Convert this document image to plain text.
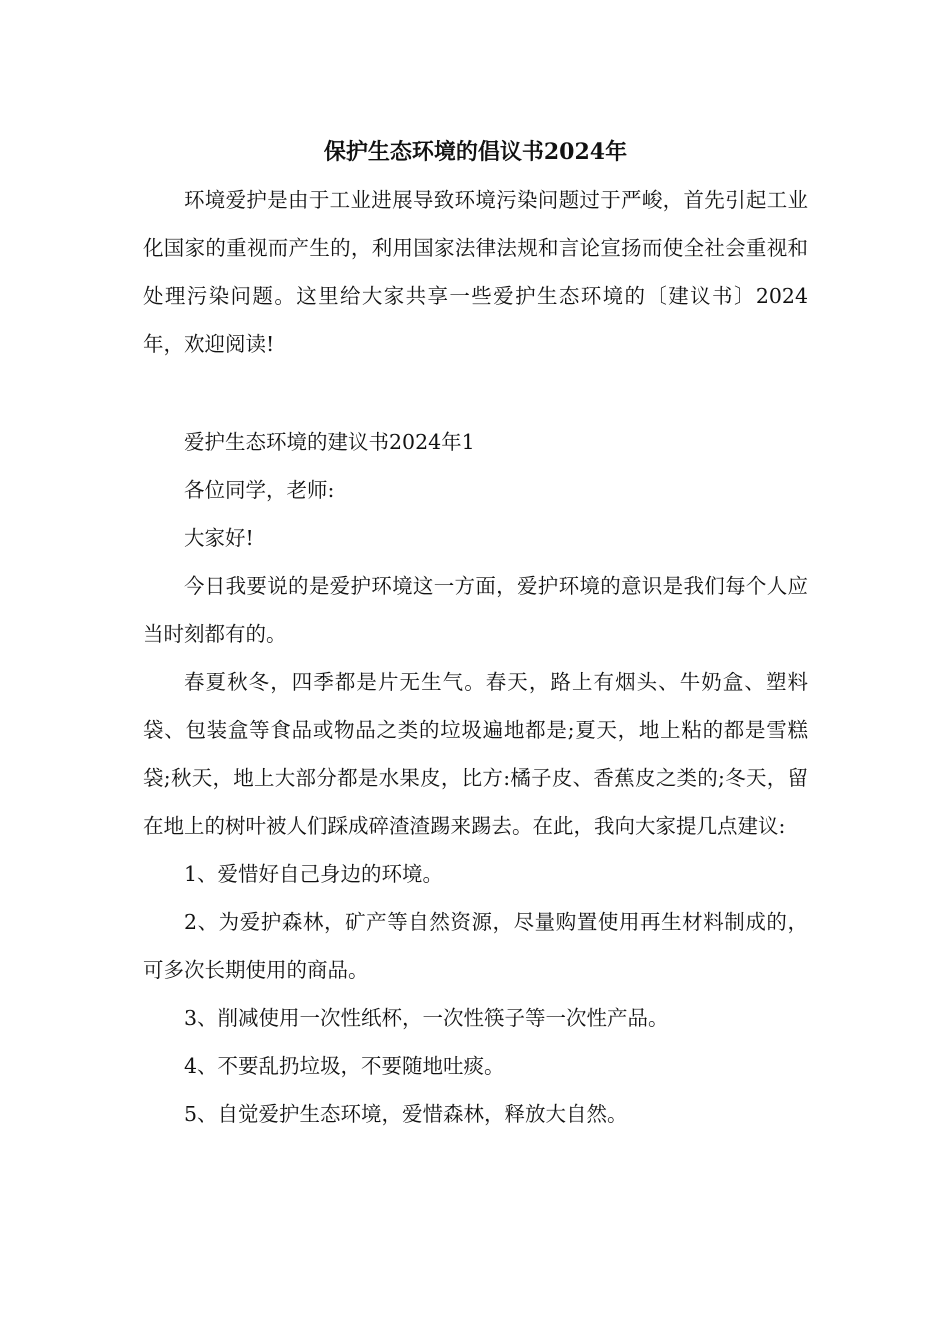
保护生态环境的倡议书2024年

环境爱护是由于工业进展导致环境污染问题过于严峻，首先引起工业化国家的重视而产生的，利用国家法律法规和言论宣扬而使全社会重视和处理污染问题。这里给大家共享一些爱护生态环境的〔建议书〕2024年，欢迎阅读!

爱护生态环境的建议书2024年1

各位同学，老师:

大家好!

今日我要说的是爱护环境这一方面，爱护环境的意识是我们每个人应当时刻都有的。

春夏秋冬，四季都是片无生气。春天，路上有烟头、牛奶盒、塑料袋、包装盒等食品或物品之类的垃圾遍地都是;夏天，地上粘的都是雪糕袋;秋天，地上大部分都是水果皮，比方:橘子皮、香蕉皮之类的;冬天，留在地上的树叶被人们踩成碎渣渣踢来踢去。在此，我向大家提几点建议:

1、爱惜好自己身边的环境。

2、为爱护森林，矿产等自然资源，尽量购置使用再生材料制成的，可多次长期使用的商品。

3、削减使用一次性纸杯，一次性筷子等一次性产品。

4、不要乱扔垃圾，不要随地吐痰。

5、自觉爱护生态环境，爱惜森林，释放大自然。
